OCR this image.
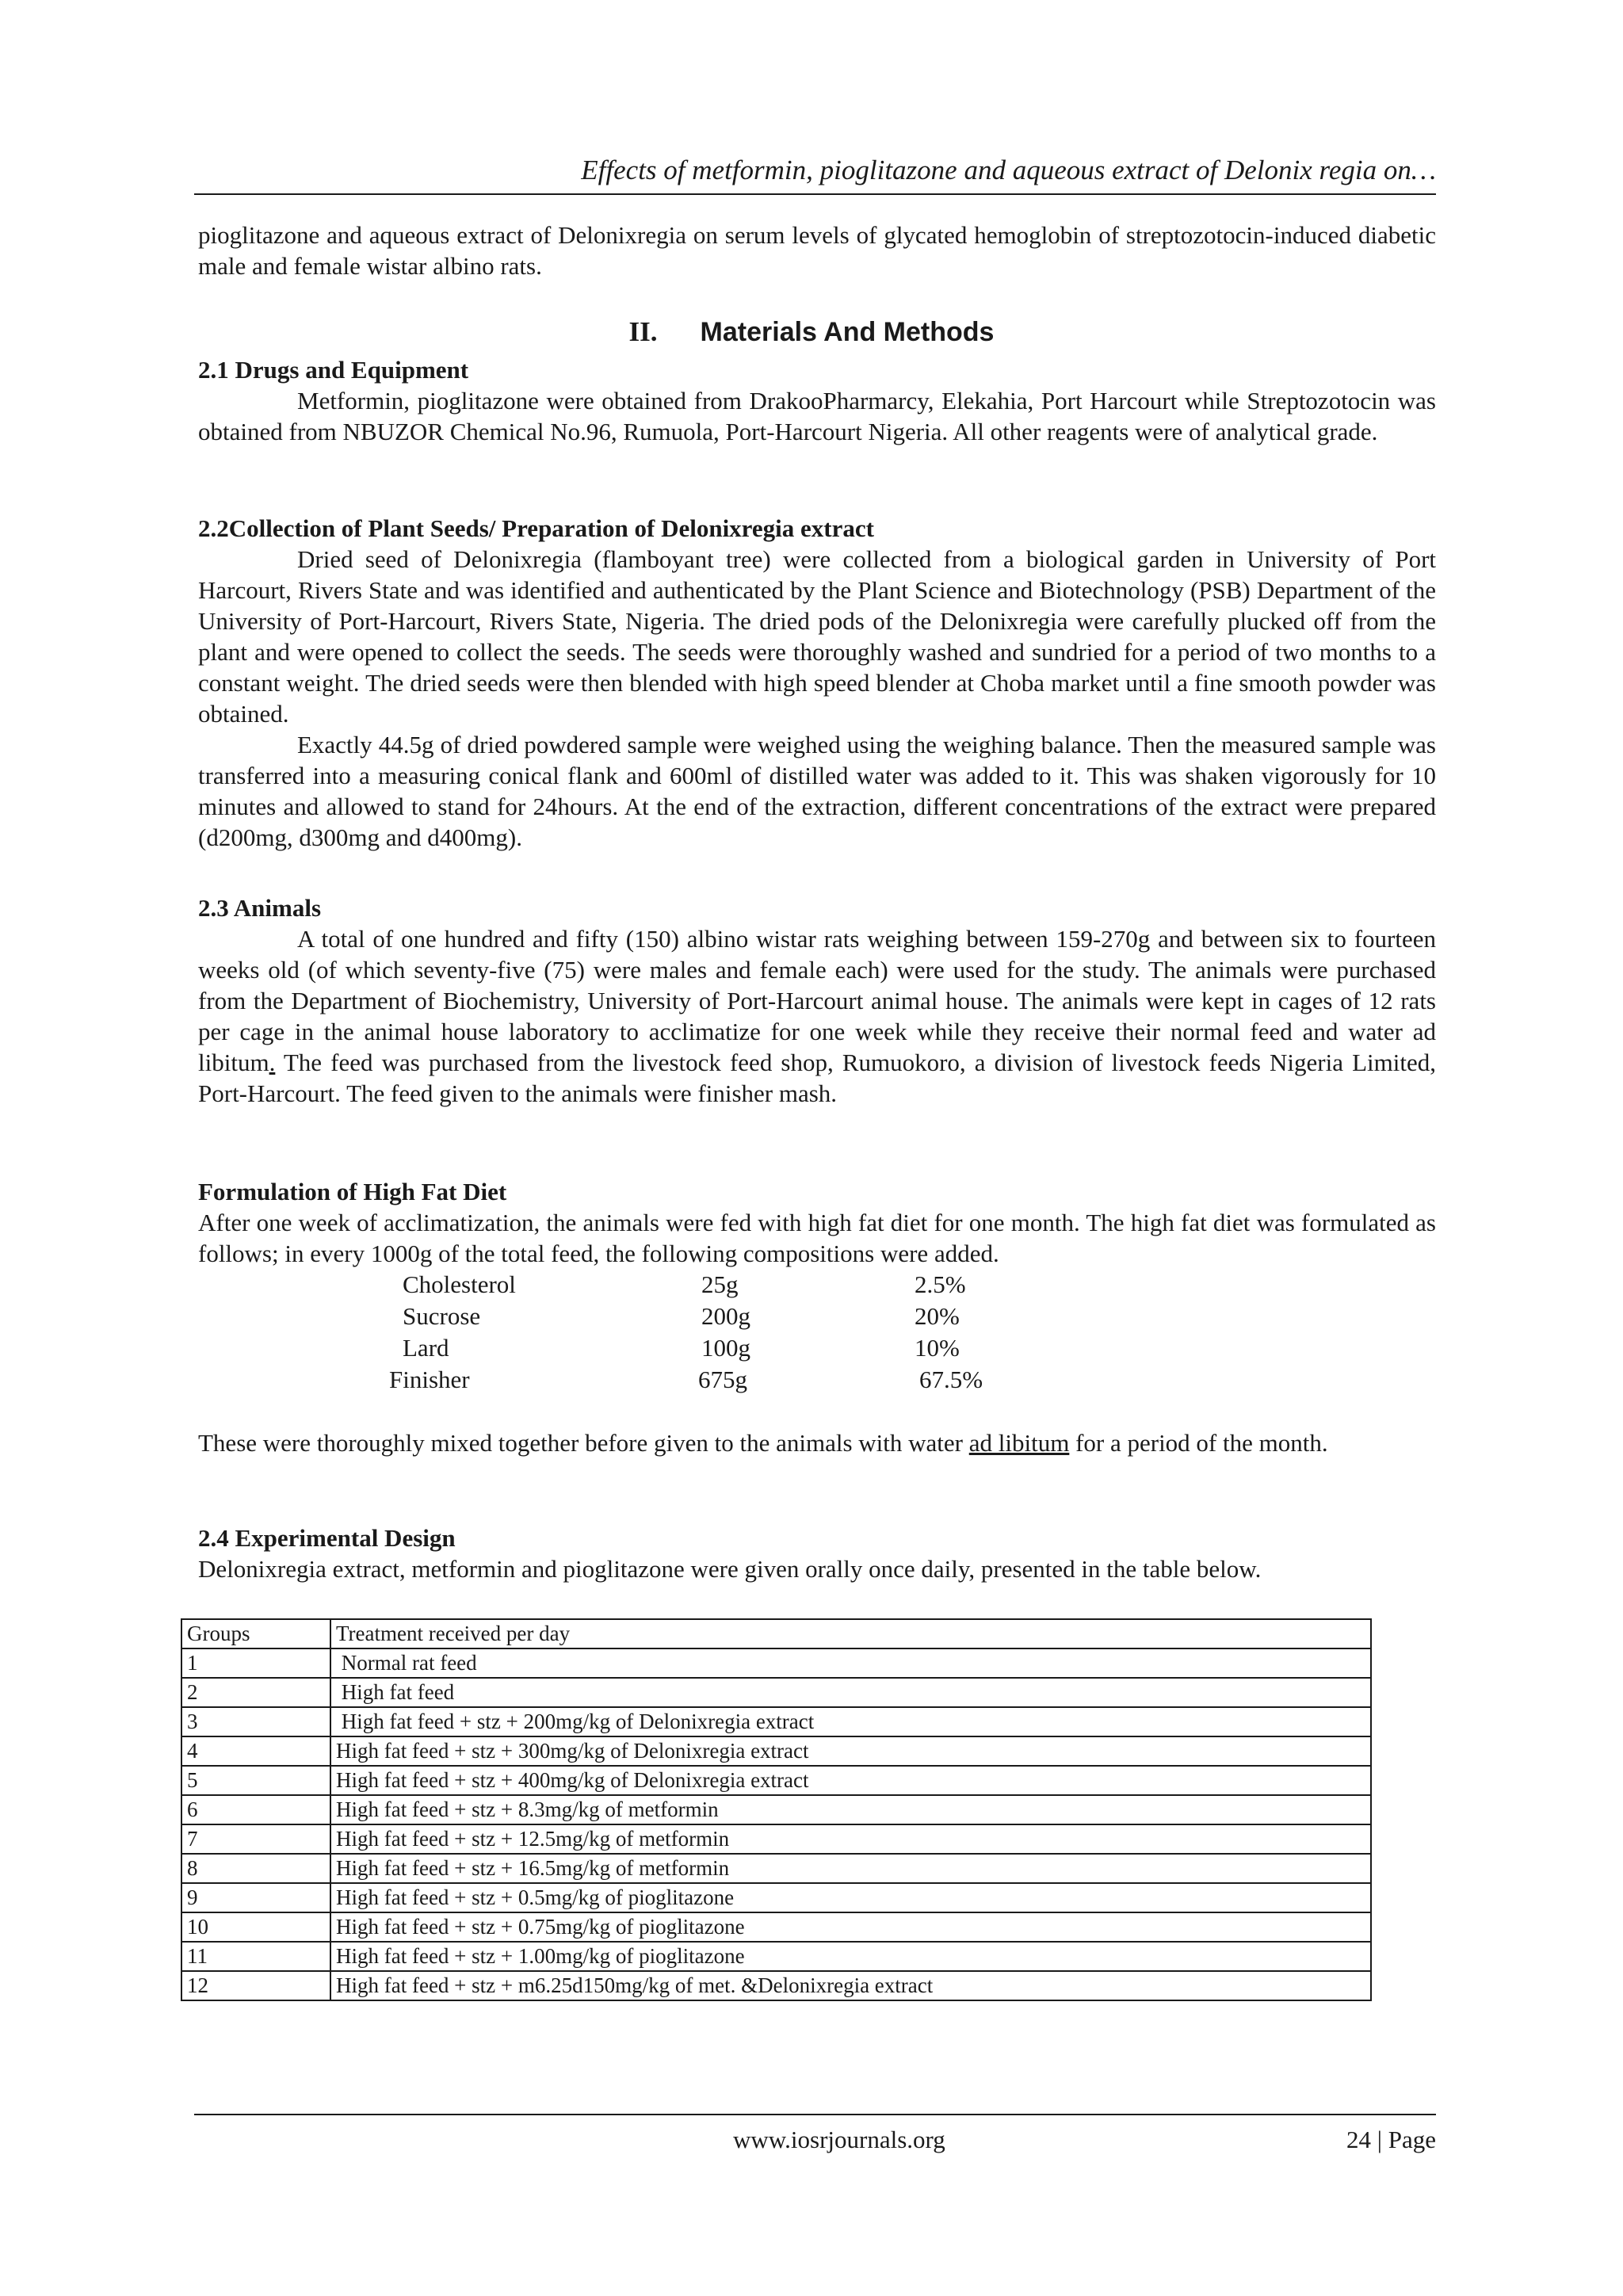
Effects of metformin, pioglitazone and aqueous extract of Delonix regia on…
pioglitazone and aqueous extract of Delonixregia on serum levels of glycated hemoglobin of streptozotocin-induced diabetic male and female wistar albino rats.
II. Materials And Methods
2.1 Drugs and Equipment
Metformin, pioglitazone were obtained from DrakooPharmarcy, Elekahia, Port Harcourt while Streptozotocin was obtained from NBUZOR Chemical No.96, Rumuola, Port-Harcourt Nigeria. All other reagents were of analytical grade.
2.2Collection of Plant Seeds/ Preparation of Delonixregia extract
Dried seed of Delonixregia (flamboyant tree) were collected from a biological garden in University of Port Harcourt, Rivers State and was identified and authenticated by the Plant Science and Biotechnology (PSB) Department of the University of Port-Harcourt, Rivers State, Nigeria. The dried pods of the Delonixregia were carefully plucked off from the plant and were opened to collect the seeds. The seeds were thoroughly washed and sundried for a period of two months to a constant weight. The dried seeds were then blended with high speed blender at Choba market until a fine smooth powder was obtained.
Exactly 44.5g of dried powdered sample were weighed using the weighing balance. Then the measured sample was transferred into a measuring conical flank and 600ml of distilled water was added to it. This was shaken vigorously for 10 minutes and allowed to stand for 24hours. At the end of the extraction, different concentrations of the extract were prepared (d200mg, d300mg and d400mg).
2.3 Animals
A total of one hundred and fifty (150) albino wistar rats weighing between 159-270g and between six to fourteen weeks old (of which seventy-five (75) were males and female each) were used for the study. The animals were purchased from the Department of Biochemistry, University of Port-Harcourt animal house. The animals were kept in cages of 12 rats per cage in the animal house laboratory to acclimatize for one week while they receive their normal feed and water ad libitum. The feed was purchased from the livestock feed shop, Rumuokoro, a division of livestock feeds Nigeria Limited, Port-Harcourt. The feed given to the animals were finisher mash.
Formulation of High Fat Diet
After one week of acclimatization, the animals were fed with high fat diet for one month. The high fat diet was formulated as follows; in every 1000g of the total feed, the following compositions were added.
Cholesterol	25g	2.5%
Sucrose	200g	20%
Lard	100g	10%
Finisher	675g	67.5%
These were thoroughly mixed together before given to the animals with water ad libitum for a period of the month.
2.4 Experimental Design
Delonixregia extract, metformin and pioglitazone were given orally once daily, presented in the table below.
Groups	Treatment received per day
1	Normal rat feed
2	High fat feed
3	High fat feed + stz + 200mg/kg of Delonixregia extract
4	High fat feed + stz + 300mg/kg of Delonixregia extract
5	High fat feed + stz + 400mg/kg of Delonixregia extract
6	High fat feed + stz + 8.3mg/kg of metformin
7	High fat feed + stz + 12.5mg/kg of metformin
8	High fat feed + stz + 16.5mg/kg of metformin
9	High fat feed + stz + 0.5mg/kg of pioglitazone
10	High fat feed + stz + 0.75mg/kg of pioglitazone
11	High fat feed + stz + 1.00mg/kg of pioglitazone
12	High fat feed + stz + m6.25d150mg/kg of met. &Delonixregia extract
www.iosrjournals.org	24 | Page
